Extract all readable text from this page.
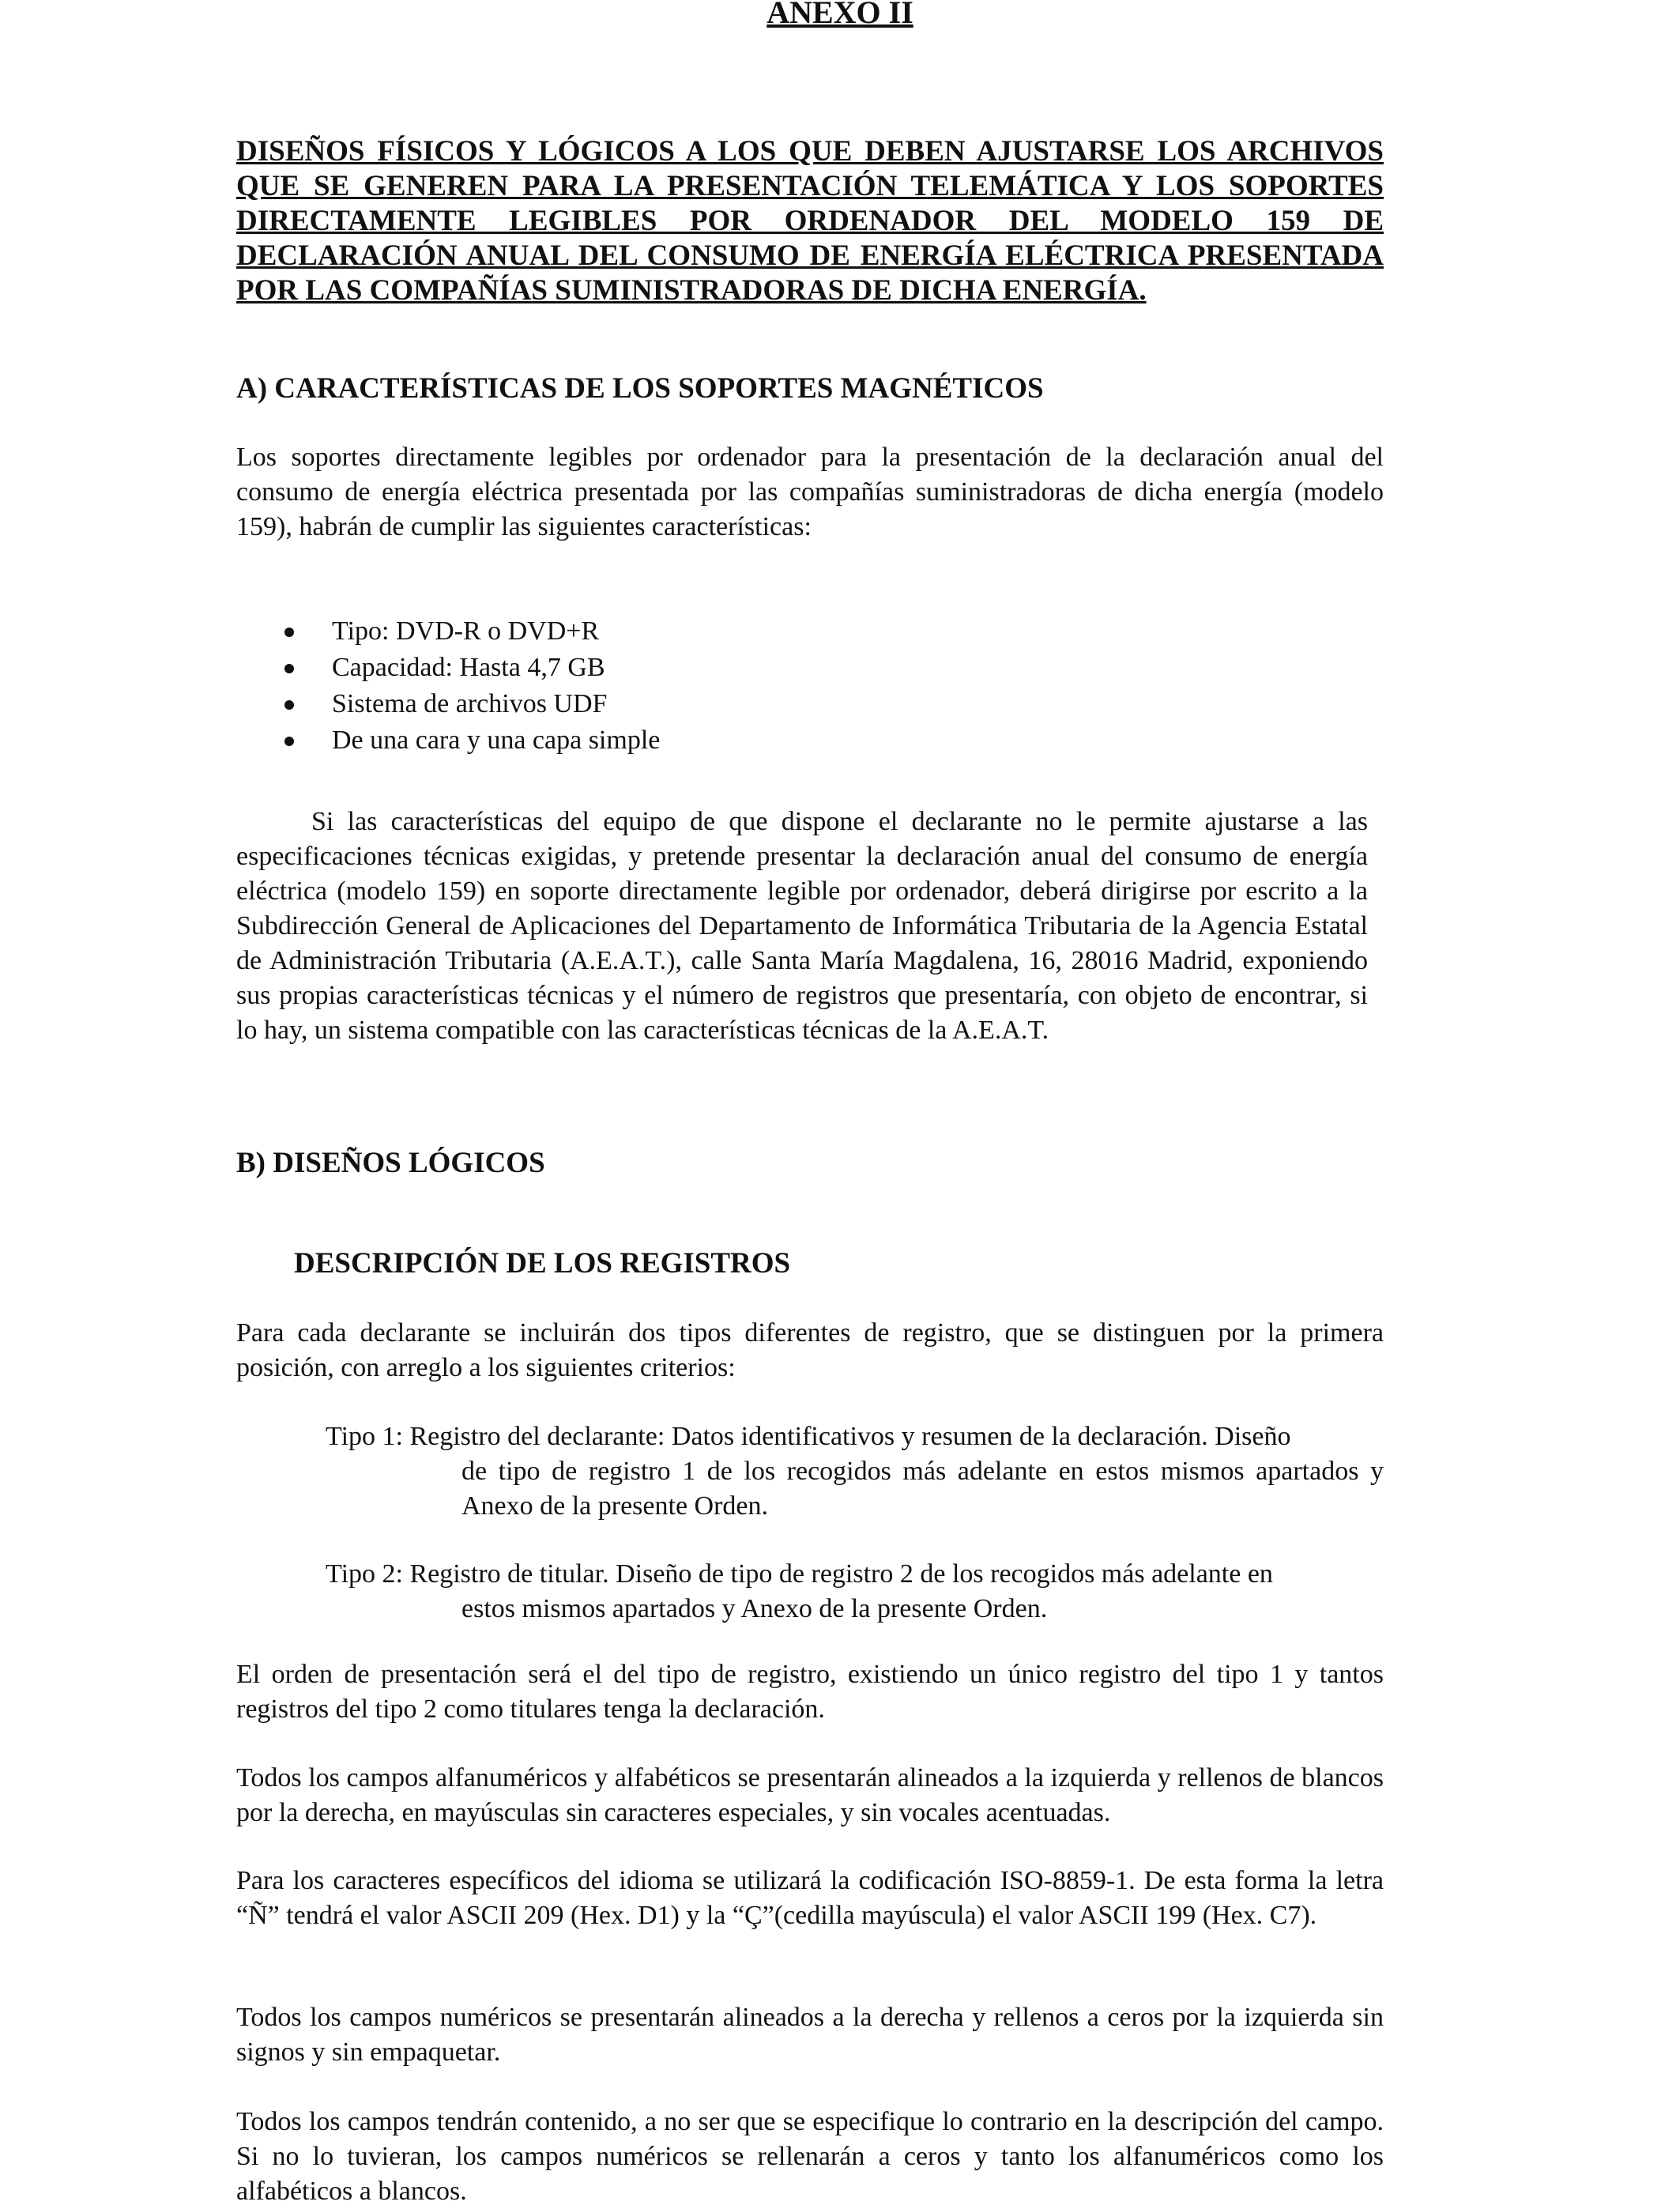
ANEXO II
DISEÑOS FÍSICOS Y LÓGICOS A LOS QUE DEBEN AJUSTARSE LOS ARCHIVOS QUE SE GENEREN PARA LA PRESENTACIÓN TELEMÁTICA Y LOS SOPORTES DIRECTAMENTE LEGIBLES POR ORDENADOR DEL MODELO 159 DE DECLARACIÓN ANUAL DEL CONSUMO DE ENERGÍA ELÉCTRICA PRESENTADA POR LAS COMPAÑÍAS SUMINISTRADORAS DE DICHA ENERGÍA.
A) CARACTERÍSTICAS DE LOS SOPORTES MAGNÉTICOS

Los soportes directamente legibles por ordenador para la presentación de la declaración anual del consumo de energía eléctrica presentada por las compañías suministradoras de dicha energía (modelo 159), habrán de cumplir las siguientes características:

Tipo: DVD-R o DVD+R
Capacidad: Hasta 4,7 GB
Sistema de archivos UDF
De una cara y una capa simple

Si las características del equipo de que dispone el declarante no le permite ajustarse a las especificaciones técnicas exigidas, y pretende presentar la declaración anual del consumo de energía eléctrica (modelo 159) en soporte directamente legible por ordenador, deberá dirigirse por escrito a la Subdirección General de Aplicaciones del Departamento de Informática Tributaria de la Agencia Estatal de Administración Tributaria (A.E.A.T.), calle Santa María Magdalena, 16, 28016 Madrid, exponiendo sus propias características técnicas y el número de registros que presentaría, con objeto de encontrar, si lo hay, un sistema compatible con las características técnicas de la A.E.A.T.

B) DISEÑOS LÓGICOS
DESCRIPCIÓN DE LOS REGISTROS

Para cada declarante se incluirán dos tipos diferentes de registro, que se distinguen por la primera posición, con arreglo a los siguientes criterios:

Tipo 1: Registro del declarante: Datos identificativos y resumen de la declaración. Diseño
de tipo de registro 1 de los recogidos más adelante en estos mismos apartados y Anexo de la presente Orden.
Tipo 2: Registro de titular. Diseño de tipo de registro 2 de los recogidos más adelante en
estos mismos apartados y Anexo de la presente Orden.

El orden de presentación será el del tipo de registro, existiendo un único registro del tipo 1 y tantos registros del tipo 2 como titulares tenga la declaración.

Todos los campos alfanuméricos y alfabéticos se presentarán alineados a la izquierda y rellenos de blancos por la derecha, en mayúsculas sin caracteres especiales, y sin vocales acentuadas.

Para los caracteres específicos del idioma se utilizará la codificación ISO-8859-1. De esta forma la letra “Ñ” tendrá el valor ASCII 209 (Hex. D1) y la “Ç”(cedilla mayúscula) el valor ASCII 199 (Hex. C7).

Todos los campos numéricos se presentarán alineados a la derecha y rellenos a ceros por la izquierda sin signos y sin empaquetar.

Todos los campos tendrán contenido, a no ser que se especifique lo contrario en la descripción del campo. Si no lo tuvieran, los campos numéricos se rellenarán a ceros y tanto los alfanuméricos como los alfabéticos a blancos.
